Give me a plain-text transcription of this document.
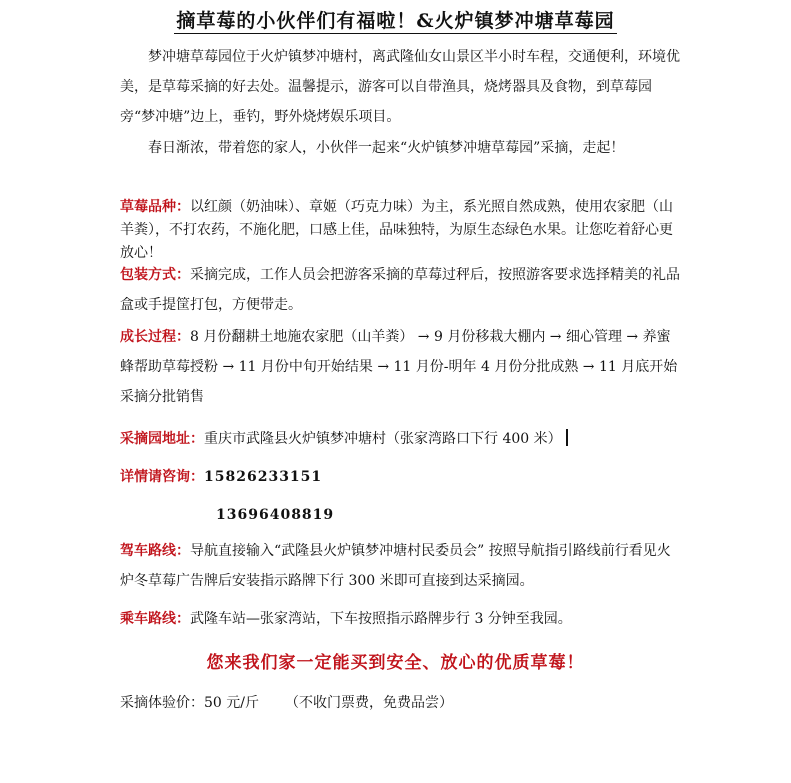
摘草莓的小伙伴们有福啦！&火炉镇梦冲塘草莓园
梦冲塘草莓园位于火炉镇梦冲塘村，离武隆仙女山景区半小时车程，交通便利，环境优美，是草莓采摘的好去处。温馨提示，游客可以自带渔具，烧烤器具及食物，到草莓园旁“梦冲塘”边上，垂钓，野外烧烤娱乐项目。
春日渐浓，带着您的家人，小伙伴一起来“火炉镇梦冲塘草莓园”采摘，走起！
草莓品种：以红颜（奶油味）、章姬（巧克力味）为主，系光照自然成熟，使用农家肥（山羊粪），不打农药，不施化肥，口感上佳，品味独特，为原生态绿色水果。让您吃着舒心更放心！
包装方式：采摘完成，工作人员会把游客采摘的草莓过秤后，按照游客要求选择精美的礼品盒或手提筐打包，方便带走。
成长过程：8 月份翻耕土地施农家肥（山羊粪） → 9 月份移栽大棚内 → 细心管理 → 养蜜蜂帮助草莓授粉 → 11 月份中旬开始结果 → 11 月份-明年 4 月份分批成熟 → 11 月底开始采摘分批销售
采摘园地址：重庆市武隆县火炉镇梦冲塘村（张家湾路口下行 400 米）
详情请咨询：15826233151
13696408819
驾车路线：导航直接输入“武隆县火炉镇梦冲塘村民委员会” 按照导航指引路线前行看见火炉冬草莓广告牌后安装指示路牌下行 300 米即可直接到达采摘园。
乘车路线：武隆车站—张家湾站，下车按照指示路牌步行 3 分钟至我园。
您来我们家一定能买到安全、放心的优质草莓！
采摘体验价：50 元/斤 （不收门票费，免费品尝）
